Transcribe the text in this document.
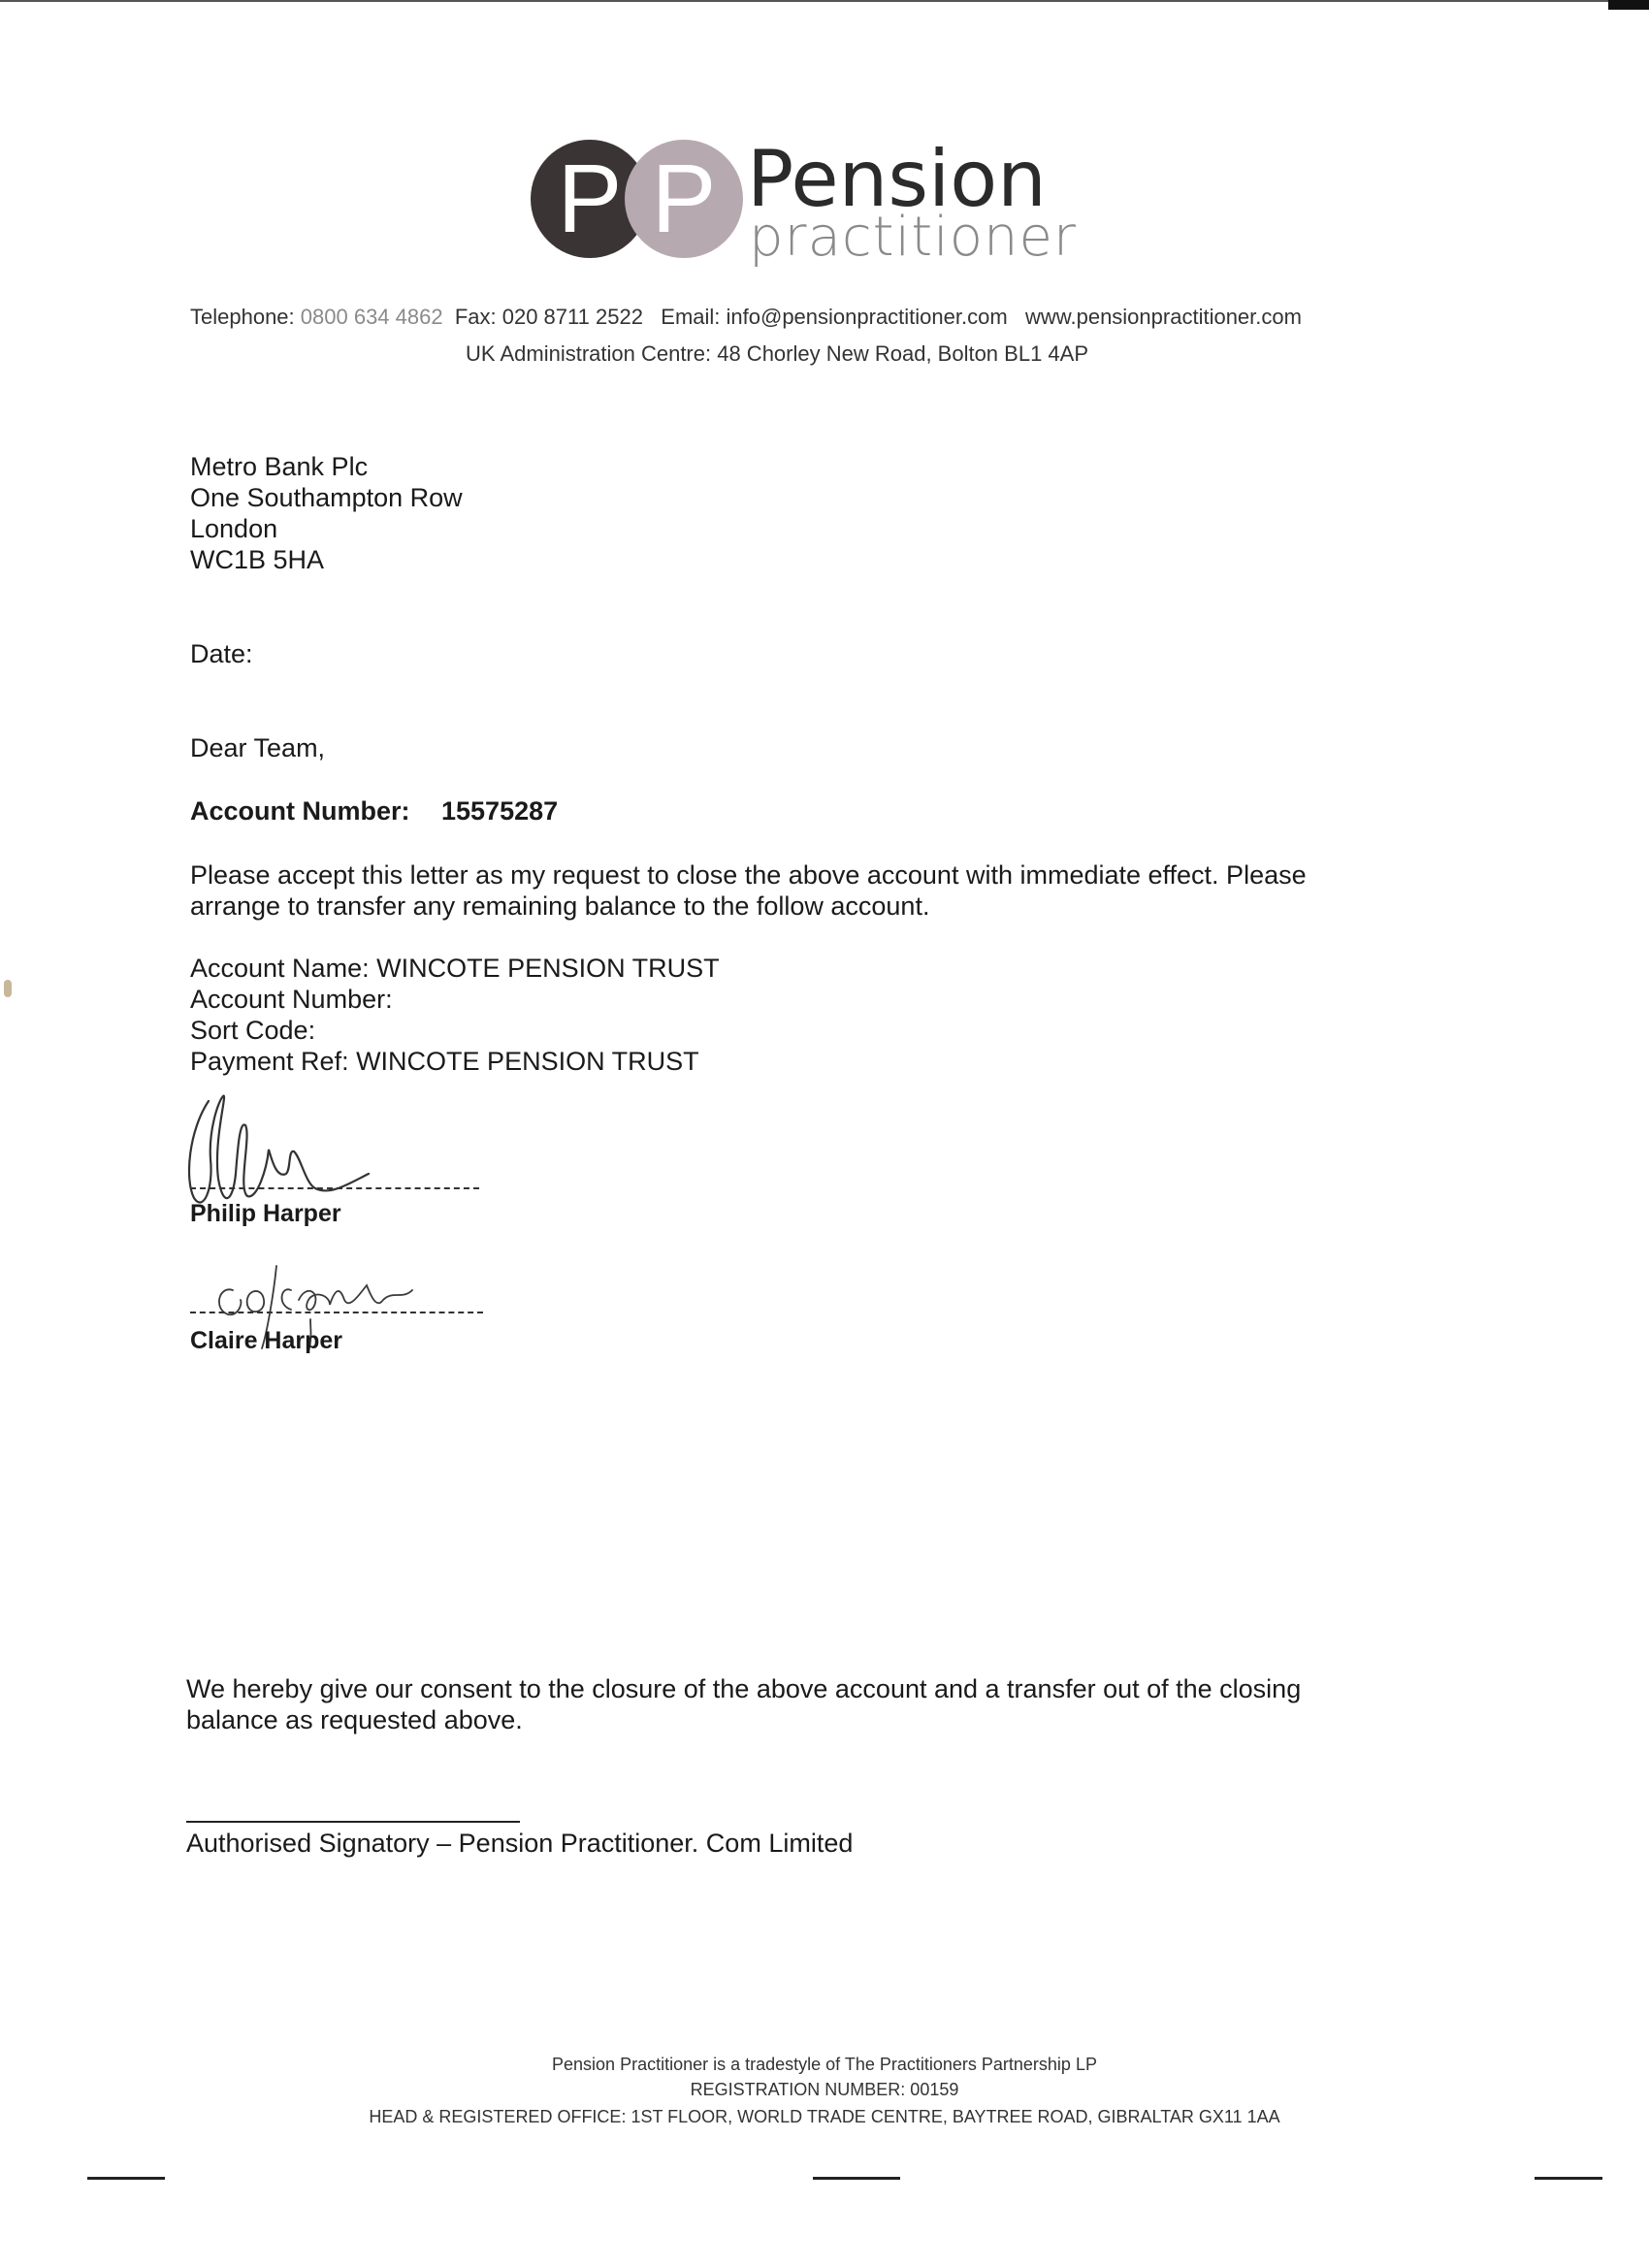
P P Pension
practitioner
Telephone: 0800 634 4862 Fax: 020 8711 2522 Email: info@pensionpractitioner.com www.pensionpractitioner.com
UK Administration Centre: 48 Chorley New Road, Bolton BL1 4AP
Metro Bank Plc
One Southampton Row
London
WC1B 5HA
Date:
Dear Team,
Account Number: 15575287
Please accept this letter as my request to close the above account with immediate effect. Please
arrange to transfer any remaining balance to the follow account.
Account Name: WINCOTE PENSION TRUST
Account Number:
Sort Code:
Payment Ref: WINCOTE PENSION TRUST
Philip Harper
Claire Harper
We hereby give our consent to the closure of the above account and a transfer out of the closing
balance as requested above.
Authorised Signatory – Pension Practitioner. Com Limited
Pension Practitioner is a tradestyle of The Practitioners Partnership LP
REGISTRATION NUMBER: 00159
HEAD & REGISTERED OFFICE: 1ST FLOOR, WORLD TRADE CENTRE, BAYTREE ROAD, GIBRALTAR GX11 1AA
